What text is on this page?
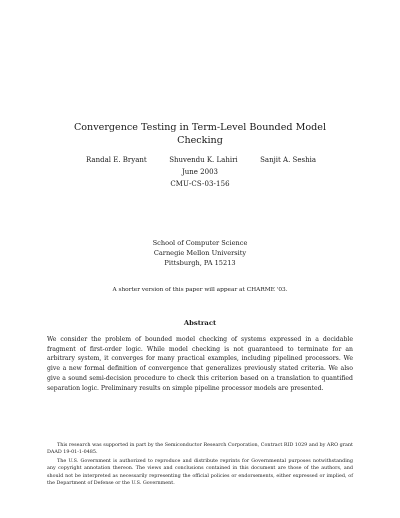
Convergence Testing in Term-Level Bounded Model Checking
Randal E. Bryant	Shuvendu K. Lahiri	Sanjit A. Seshia
June 2003
CMU-CS-03-156
School of Computer Science
Carnegie Mellon University
Pittsburgh, PA 15213
A shorter version of this paper will appear at CHARME '03.
Abstract
We consider the problem of bounded model checking of systems expressed in a decidable fragment of first-order logic. While model checking is not guaranteed to terminate for an arbitrary system, it converges for many practical examples, including pipelined processors. We give a new formal definition of convergence that generalizes previously stated criteria. We also give a sound semi-decision procedure to check this criterion based on a translation to quantified separation logic. Preliminary results on simple pipeline processor models are presented.

This research was supported in part by the Semiconductor Research Corporation, Contract RID 1029 and by ARO grant DAAD 19-01-1-0485.

The U.S. Government is authorized to reproduce and distribute reprints for Governmental purposes notwithstanding any copyright annotation thereon. The views and conclusions contained in this document are those of the authors, and should not be interpreted as necessarily representing the official policies or endorsements, either expressed or implied, of the Department of Defense or the U.S. Government.
